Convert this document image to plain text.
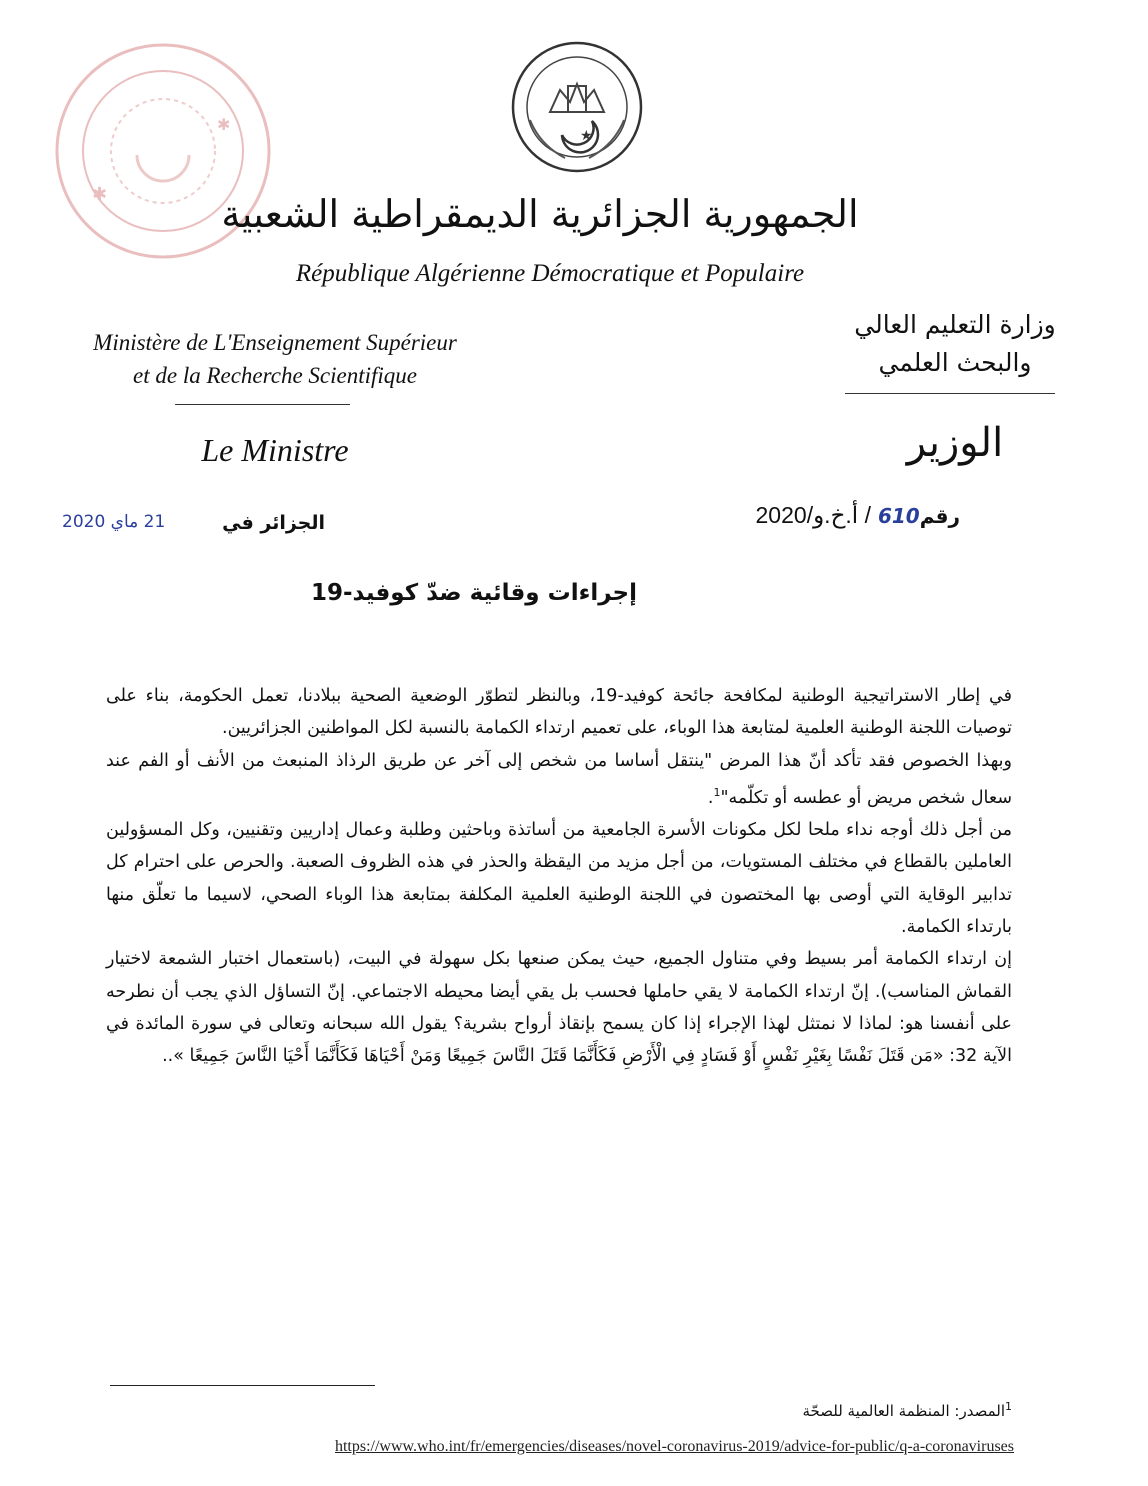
✱
✱
★
الجمهورية الجزائرية الديمقراطية الشعبية
République Algérienne Démocratique et Populaire
Ministère de L'Enseignement Supérieur
et de la Recherche Scientifique
Le Ministre
وزارة التعليم العالي
والبحث العلمي
الوزير
رقم610 / أ.خ.و/2020
الجزائر في
21 ماي 2020
إجراءات وقائية ضدّ كوفيد-19

في إطار الاستراتيجية الوطنية لمكافحة جائحة كوفيد-19، وبالنظر لتطوّر الوضعية الصحية ببلادنا، تعمل الحكومة، بناء على توصيات اللجنة الوطنية العلمية لمتابعة هذا الوباء، على تعميم ارتداء الكمامة بالنسبة لكل المواطنين الجزائريين.

وبهذا الخصوص فقد تأكد أنّ هذا المرض "ينتقل أساسا من شخص إلى آخر عن طريق الرذاذ المنبعث من الأنف أو الفم عند سعال شخص مريض أو عطسه أو تكلّمه"$^1$.

من أجل ذلك أوجه نداء ملحا لكل مكونات الأسرة الجامعية من أساتذة وباحثين وطلبة وعمال إداريين وتقنيين، وكل المسؤولين العاملين بالقطاع في مختلف المستويات، من أجل مزيد من اليقظة والحذر في هذه الظروف الصعبة. والحرص على احترام كل تدابير الوقاية التي أوصى بها المختصون في اللجنة الوطنية العلمية المكلفة بمتابعة هذا الوباء الصحي، لاسيما ما تعلّق منها بارتداء الكمامة.

إن ارتداء الكمامة أمر بسيط وفي متناول الجميع، حيث يمكن صنعها بكل سهولة في البيت، (باستعمال اختبار الشمعة لاختيار القماش المناسب). إنّ ارتداء الكمامة لا يقي حاملها فحسب بل يقي أيضا محيطه الاجتماعي. إنّ التساؤل الذي يجب أن نطرحه على أنفسنا هو: لماذا لا نمتثل لهذا الإجراء إذا كان يسمح بإنقاذ أرواح بشرية؟ يقول الله سبحانه وتعالى في سورة المائدة في الآية 32: «مَن قَتَلَ نَفْسًا بِغَيْرِ نَفْسٍ أَوْ فَسَادٍ فِي الْأَرْضِ فَكَأَنَّمَا قَتَلَ النَّاسَ جَمِيعًا وَمَنْ أَحْيَاهَا فَكَأَنَّمَا أَحْيَا النَّاسَ جَمِيعًا »..

$^1$المصدر: المنظمة العالمية للصحّة
https://www.who.int/fr/emergencies/diseases/novel-coronavirus-2019/advice-for-public/q-a-coronaviruses
